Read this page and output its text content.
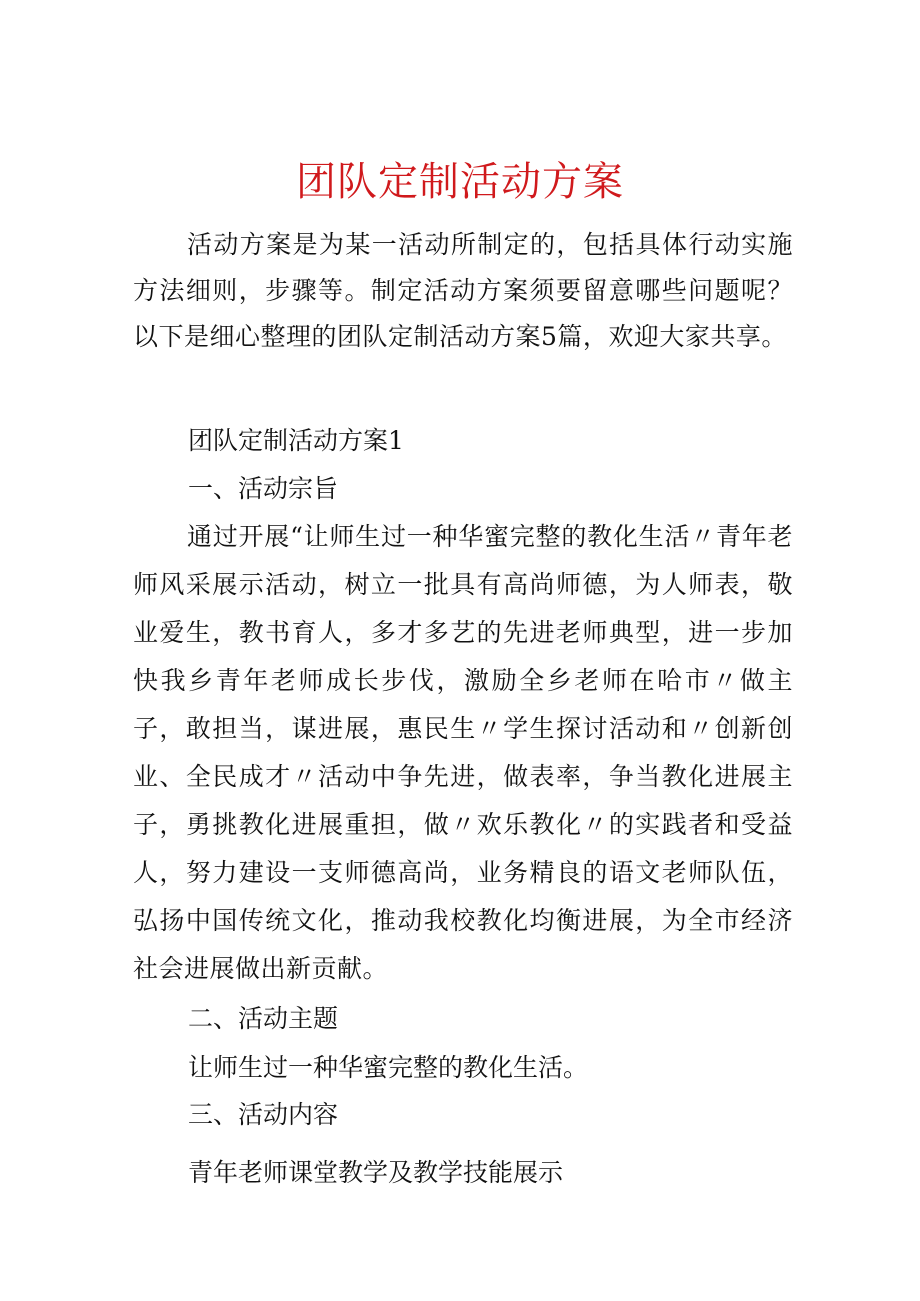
团队定制活动方案

活动方案是为某一活动所制定的，包括具体行动实施方法细则，步骤等。制定活动方案须要留意哪些问题呢？以下是细心整理的团队定制活动方案5篇，欢迎大家共享。

团队定制活动方案1

一、活动宗旨

通过开展“让师生过一种华蜜完整的教化生活〃青年老师风采展示活动，树立一批具有高尚师德，为人师表，敬业爱生，教书育人，多才多艺的先进老师典型，进一步加快我乡青年老师成长步伐，激励全乡老师在哈市〃做主子，敢担当，谋进展，惠民生〃学生探讨活动和〃创新创业、全民成才〃活动中争先进，做表率，争当教化进展主子，勇挑教化进展重担，做〃欢乐教化〃的实践者和受益人，努力建设一支师德高尚，业务精良的语文老师队伍，弘扬中国传统文化，推动我校教化均衡进展，为全市经济社会进展做出新贡献。

二、活动主题

让师生过一种华蜜完整的教化生活。

三、活动内容

青年老师课堂教学及教学技能展示
